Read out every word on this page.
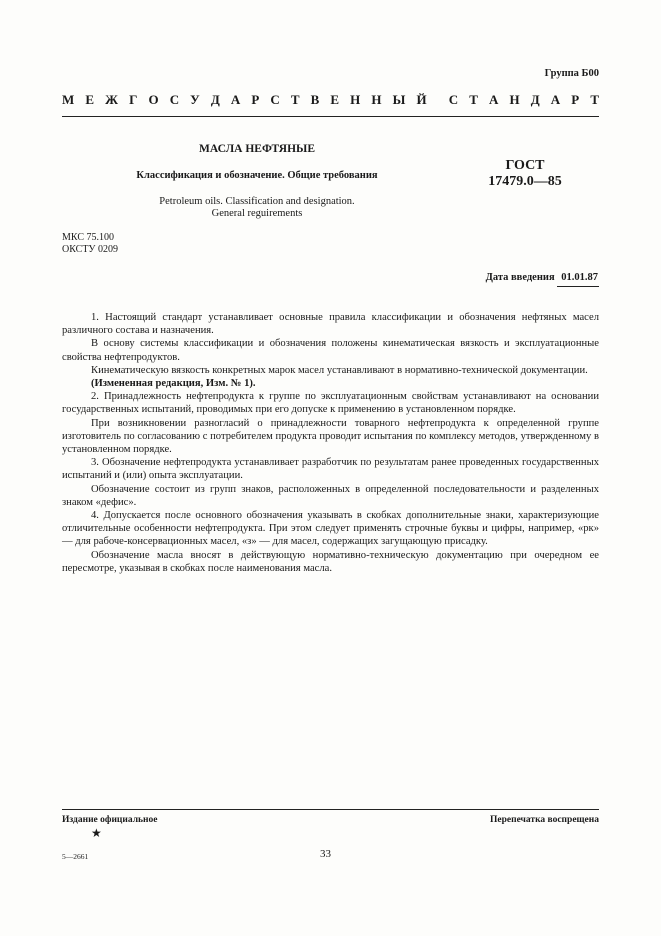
Группа Б00
М Е Ж Г О С У Д А Р С Т В Е Н Н Ы Й С Т А Н Д А Р Т
МАСЛА НЕФТЯНЫЕ
Классификация и обозначение. Общие требования
Petroleum oils. Classification and designation.
General reguirements
ГОСТ
17479.0—85
МКС 75.100
ОКСТУ 0209
Дата введения 01.01.87

1. Настоящий стандарт устанавливает основные правила классификации и обозначения нефтяных масел различного состава и назначения.

В основу системы классификации и обозначения положены кинематическая вязкость и эксплуатационные свойства нефтепродуктов.

Кинематическую вязкость конкретных марок масел устанавливают в нормативно-технической документации.

(Измененная редакция, Изм. № 1).

2. Принадлежность нефтепродукта к группе по эксплуатационным свойствам устанавливают на основании государственных испытаний, проводимых при его допуске к применению в установленном порядке.

При возникновении разногласий о принадлежности товарного нефтепродукта к определенной группе изготовитель по согласованию с потребителем продукта проводит испытания по комплексу методов, утвержденному в установленном порядке.

3. Обозначение нефтепродукта устанавливает разработчик по результатам ранее проведенных государственных испытаний и (или) опыта эксплуатации.

Обозначение состоит из групп знаков, расположенных в определенной последовательности и разделенных знаком «дефис».

4. Допускается после основного обозначения указывать в скобках дополнительные знаки, характеризующие отличительные особенности нефтепродукта. При этом следует применять строчные буквы и цифры, например, «рк» — для рабоче-консервационных масел, «з» — для масел, содержащих загущающую присадку.

Обозначение масла вносят в действующую нормативно-техническую документацию при очередном ее пересмотре, указывая в скобках после наименования масла.

Издание официальное
★
Перепечатка воспрещена
5—2661	33
